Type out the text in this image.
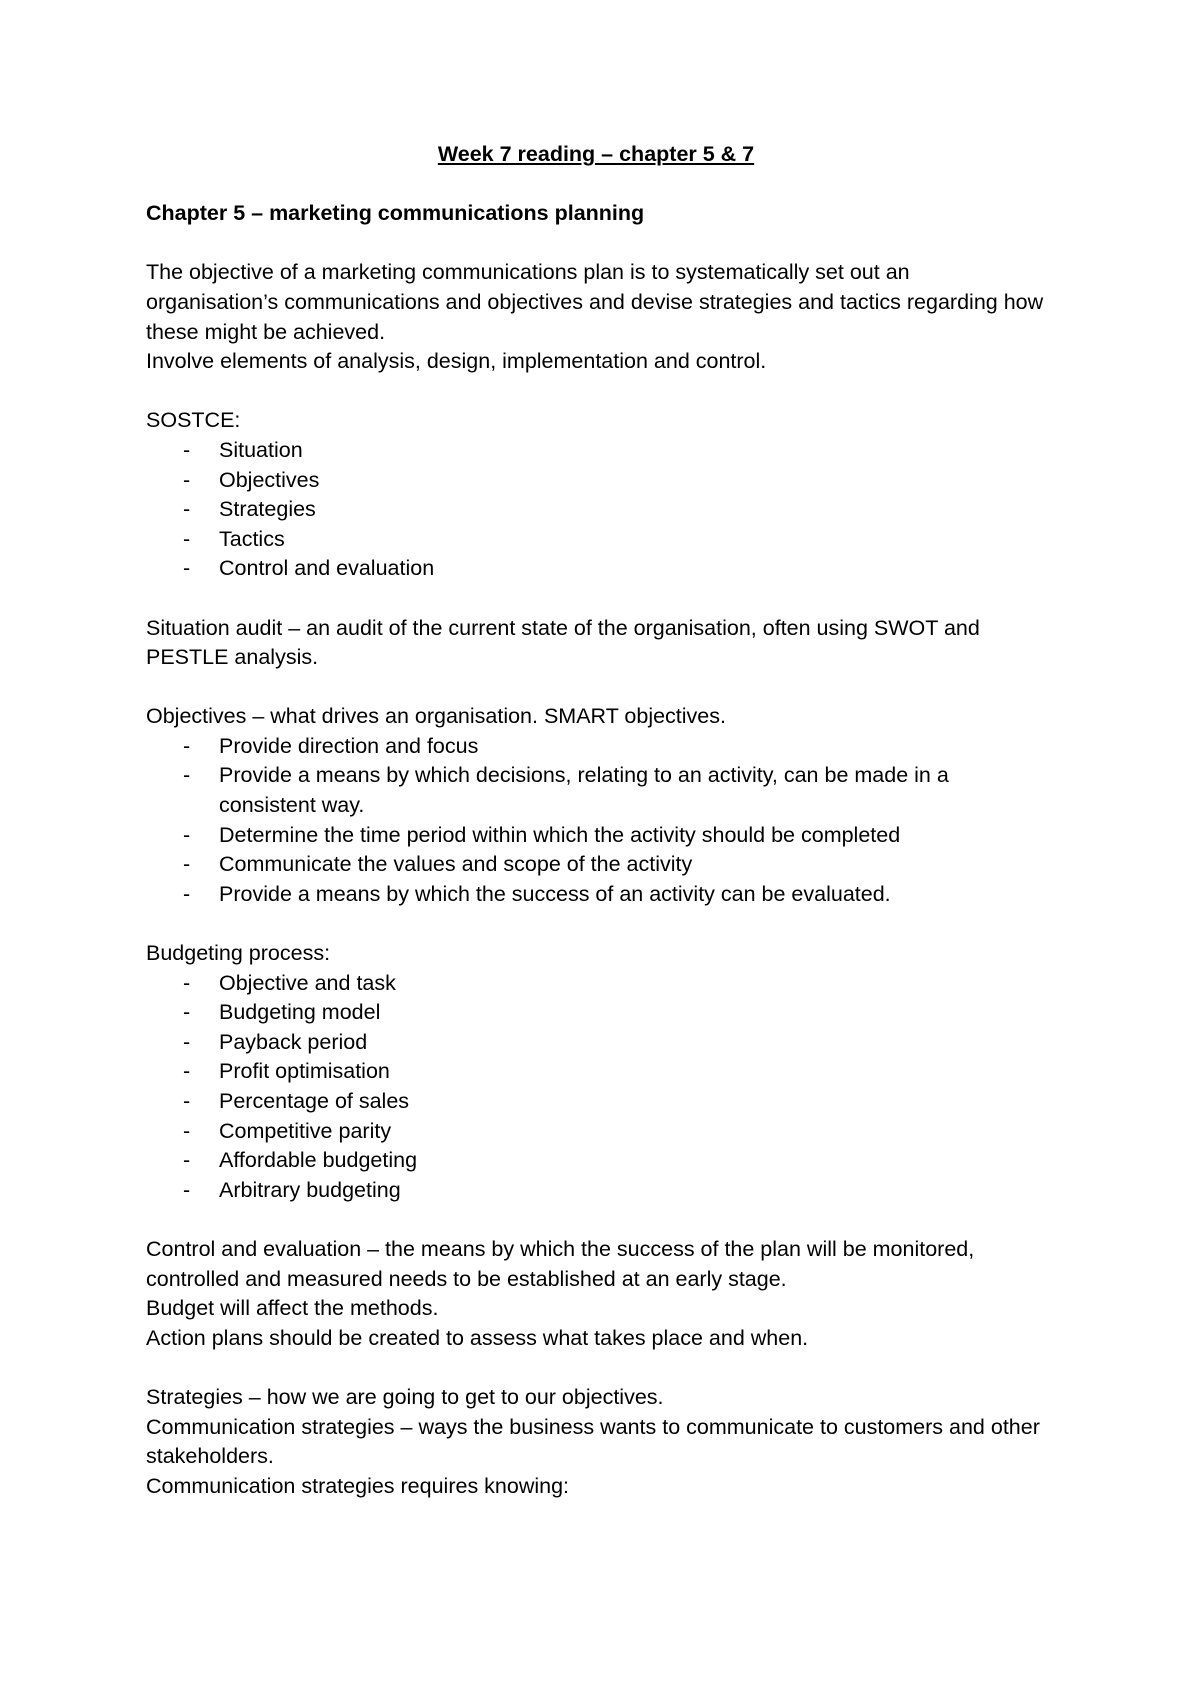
Week 7 reading – chapter 5 & 7

Chapter 5 – marketing communications planning

The objective of a marketing communications plan is to systematically set out an organisation’s communications and objectives and devise strategies and tactics regarding how these might be achieved.

Involve elements of analysis, design, implementation and control.

SOSTCE:

- Situation
- Objectives
- Strategies
- Tactics
- Control and evaluation

Situation audit – an audit of the current state of the organisation, often using SWOT and PESTLE analysis.

Objectives – what drives an organisation. SMART objectives.

- Provide direction and focus
- Provide a means by which decisions, relating to an activity, can be made in a consistent way.
- Determine the time period within which the activity should be completed
- Communicate the values and scope of the activity
- Provide a means by which the success of an activity can be evaluated.

Budgeting process:

- Objective and task
- Budgeting model
- Payback period
- Profit optimisation
- Percentage of sales
- Competitive parity
- Affordable budgeting
- Arbitrary budgeting

Control and evaluation – the means by which the success of the plan will be monitored, controlled and measured needs to be established at an early stage.

Budget will affect the methods.

Action plans should be created to assess what takes place and when.

Strategies – how we are going to get to our objectives.

Communication strategies – ways the business wants to communicate to customers and other stakeholders.

Communication strategies requires knowing:
